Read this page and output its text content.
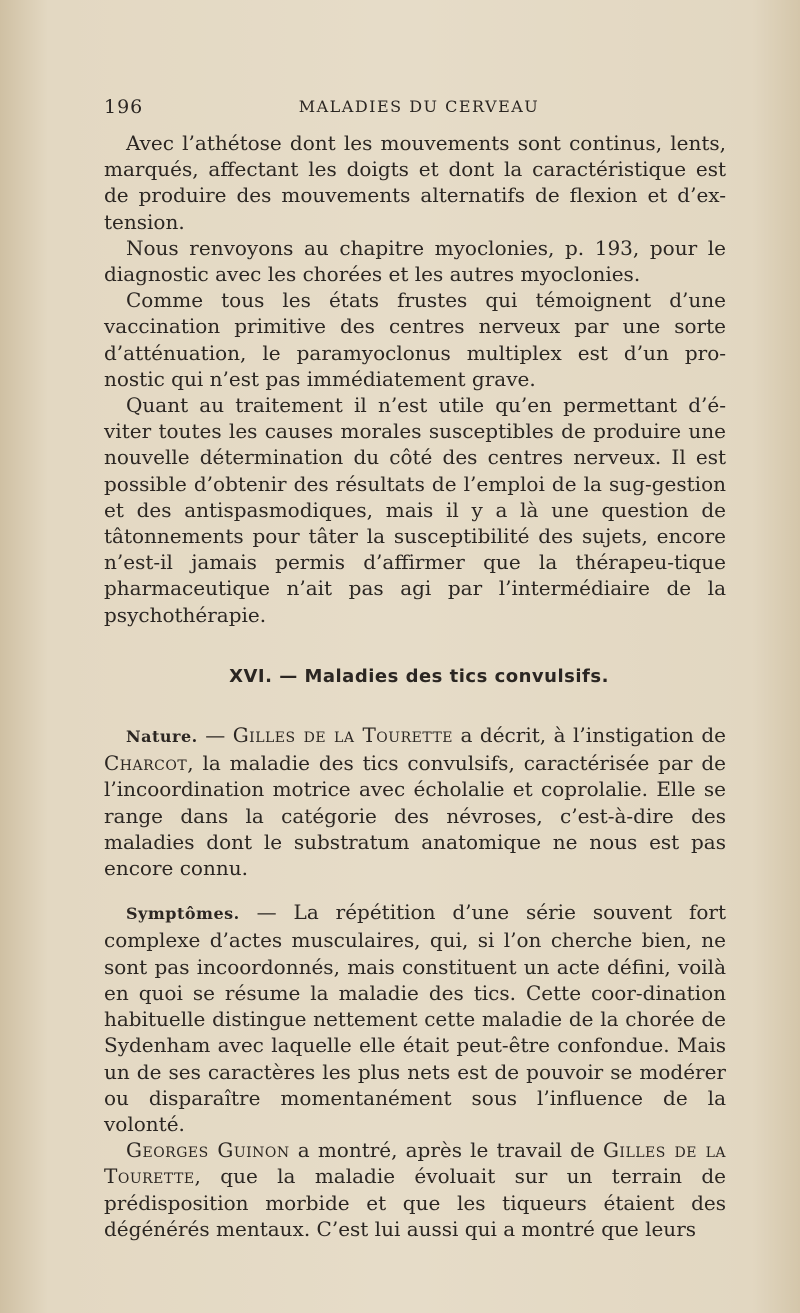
196	MALADIES DU CERVEAU

Avec l’athétose dont les mouvements sont continus, lents, marqués, affectant les doigts et dont la caractéristique est de produire des mouvements alternatifs de flexion et d’ex-tension.

Nous renvoyons au chapitre myoclonies, p. 193, pour le diagnostic avec les chorées et les autres myoclonies.

Comme tous les états frustes qui témoignent d’une vaccination primitive des centres nerveux par une sorte d’atténuation, le paramyoclonus multiplex est d’un pro-nostic qui n’est pas immédiatement grave.

Quant au traitement il n’est utile qu’en permettant d’é-viter toutes les causes morales susceptibles de produire une nouvelle détermination du côté des centres nerveux. Il est possible d’obtenir des résultats de l’emploi de la sug-gestion et des antispasmodiques, mais il y a là une question de tâtonnements pour tâter la susceptibilité des sujets, encore n’est-il jamais permis d’affirmer que la thérapeu-tique pharmaceutique n’ait pas agi par l’intermédiaire de la psychothérapie.

XVI. — Maladies des tics convulsifs.

Nature. — Gilles de la Tourette a décrit, à l’instigation de Charcot, la maladie des tics convulsifs, caractérisée par de l’incoordination motrice avec écholalie et coprolalie. Elle se range dans la catégorie des névroses, c’est-à-dire des maladies dont le substratum anatomique ne nous est pas encore connu.

Symptômes. — La répétition d’une série souvent fort complexe d’actes musculaires, qui, si l’on cherche bien, ne sont pas incoordonnés, mais constituent un acte défini, voilà en quoi se résume la maladie des tics. Cette coor-dination habituelle distingue nettement cette maladie de la chorée de Sydenham avec laquelle elle était peut-être confondue. Mais un de ses caractères les plus nets est de pouvoir se modérer ou disparaître momentanément sous l’influence de la volonté.

Georges Guinon a montré, après le travail de Gilles de la Tourette, que la maladie évoluait sur un terrain de prédisposition morbide et que les tiqueurs étaient des dégénérés mentaux. C’est lui aussi qui a montré que leurs
